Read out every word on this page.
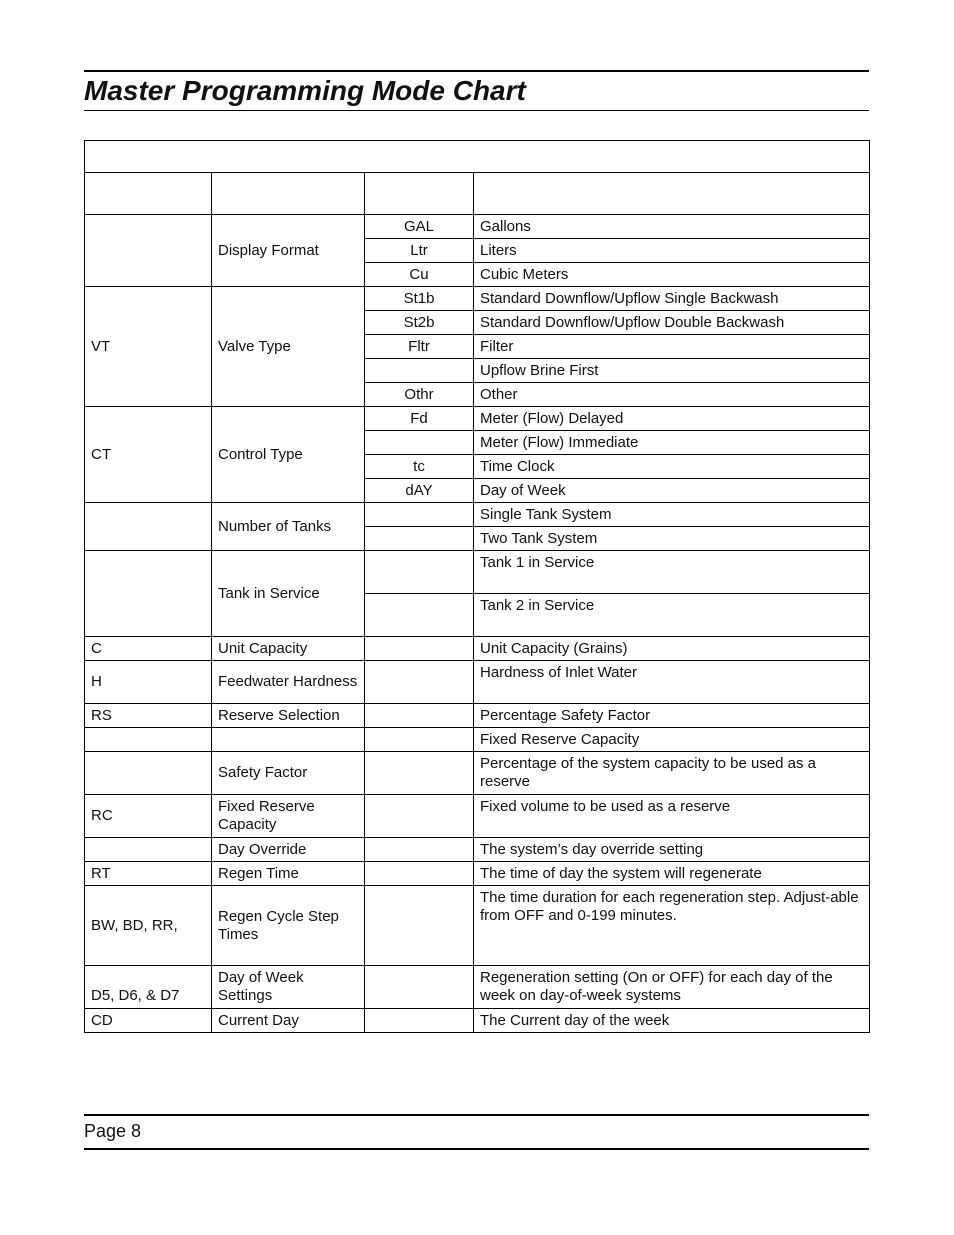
Master Programming Mode Chart

	Display Format	GAL	Gallons
		Ltr	Liters
		Cu	Cubic Meters
VT	Valve Type	St1b	Standard Downflow/Upflow Single Backwash
		St2b	Standard Downflow/Upflow Double Backwash
		Fltr	Filter
			Upflow Brine First
		Othr	Other
CT	Control Type	Fd	Meter (Flow) Delayed
			Meter (Flow) Immediate
		tc	Time Clock
		dAY	Day of Week
	Number of Tanks		Single Tank System
			Two Tank System
	Tank in Service		Tank 1 in Service
			Tank 2 in Service
C	Unit Capacity		Unit Capacity (Grains)
H	Feedwater Hardness		Hardness of Inlet Water
RS	Reserve Selection		Percentage Safety Factor
			Fixed Reserve Capacity
	Safety Factor		Percentage of the system capacity to be used as a reserve
RC	Fixed Reserve Capacity		Fixed volume to be used as a reserve
	Day Override		The system’s day override setting
RT	Regen Time		The time of day the system will regenerate
BW, BD, RR,	Regen Cycle Step Times		The time duration for each regeneration step. Adjust-able from OFF and 0-199 minutes.
D5, D6, & D7	Day of Week Settings		Regeneration setting (On or OFF) for each day of the week on day-of-week systems
CD	Current Day		The Current day of the week
Page 8
